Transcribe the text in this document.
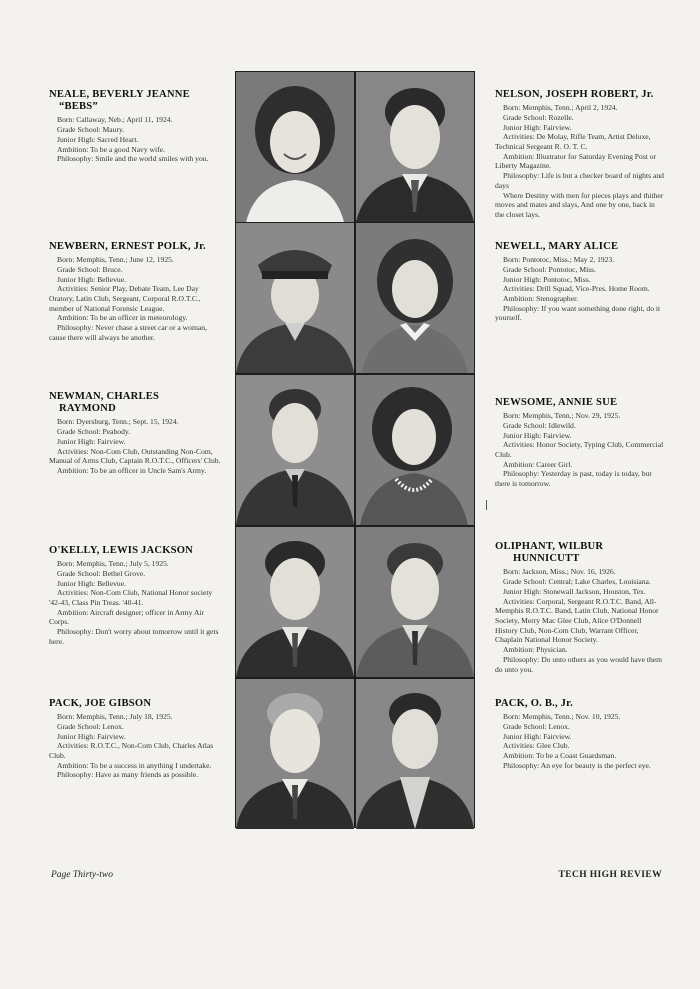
NEALE, BEVERLY JEANNE
“BEBS”
Born: Callaway, Neb.; April 11, 1924.
Grade School: Maury.
Junior High: Sacred Heart.
Ambition: To be a good Navy wife.
Philosophy: Smile and the world smiles with you.
NEWBERN, ERNEST POLK, Jr.
Born: Memphis, Tenn.; June 12, 1925.
Grade School: Bruce.
Junior High: Bellevue.
Activities: Senior Play, Debate Team, Lee Day Oratory, Latin Club, Sergeant, Corporal R.O.T.C., member of National Forensic League.
Ambition: To be an officer in meteorology.
Philosophy: Never chase a street car or a woman, cause there will always be another.
NEWMAN, CHARLES
RAYMOND
Born: Dyersburg, Tenn.; Sept. 15, 1924.
Grade School: Peabody.
Junior High: Fairview.
Activities: Non-Com Club, Outstanding Non-Com, Manual of Arms Club, Captain R.O.T.C., Officers' Club.
Ambition: To be an officer in Uncle Sam's Army.
O'KELLY, LEWIS JACKSON
Born: Memphis, Tenn.; July 5, 1925.
Grade School: Bethel Grove.
Junior High: Bellevue.
Activities: Non-Com Club, National Honor society '42-43, Class Pin Treas. '40-41.
Ambition: Aircraft designer; officer in Army Air Corps.
Philosophy: Don't worry about tomorrow until it gets here.
PACK, JOE GIBSON
Born: Memphis, Tenn.; July 18, 1925.
Grade School: Lenox.
Junior High: Fairview.
Activities: R.O.T.C., Non-Com Club, Charles Atlas Club.
Ambition: To be a success in anything I undertake.
Philosophy: Have as many friends as possible.
NELSON, JOSEPH ROBERT, Jr.
Born: Memphis, Tenn.; April 2, 1924.
Grade School: Rozelle.
Junior High: Fairview.
Activities: De Molay, Rifle Team, Artist Deluxe, Technical Sergeant R. O. T. C.
Ambition: Illustrator for Saturday Evening Post or Liberty Magazine.
Philosophy: Life is but a checker board of nights and days
Where Destiny with men for pieces plays and thither moves and mates and slays, And one by one, back in the closet lays.
NEWELL, MARY ALICE
Born: Pontotoc, Miss.; May 2, 1923.
Grade School: Pontotoc, Miss.
Junior High: Pontotoc, Miss.
Activities: Drill Squad, Vice-Pres. Home Room.
Ambition: Stenographer.
Philosophy: If you want something done right, do it yourself.
NEWSOME, ANNIE SUE
Born: Memphis, Tenn.; Nov. 29, 1925.
Grade School: Idlewild.
Junior High: Fairview.
Activities: Honor Society, Typing Club, Commercial Club.
Ambition: Career Girl.
Philosophy: Yesterday is past, today is today, but there is tomorrow.
OLIPHANT, WILBUR
HUNNICUTT
Born: Jackson, Miss.; Nov. 16, 1926.
Grade School: Central; Lake Charles, Louisiana.
Junior High: Stonewall Jackson, Houston, Tex.
Activities: Corporal, Sergeant R.O.T.C. Band, All-Memphis R.O.T.C. Band, Latin Club, National Honor Society, Merry Mac Glee Club, Alice O'Donnell History Club, Non-Com Club, Warrant Officer, Chaplain National Honor Society.
Ambition: Physician.
Philosophy: Do unto others as you would have them do unto you.
PACK, O. B., Jr.
Born: Memphis, Tenn.; Nov. 10, 1925.
Grade School: Lenox.
Junior High: Fairview.
Activities: Glee Club.
Ambition: To be a Coast Guardsman.
Philosophy: An eye for beauty is the perfect eye.
Page Thirty-two	TECH HIGH REVIEW
